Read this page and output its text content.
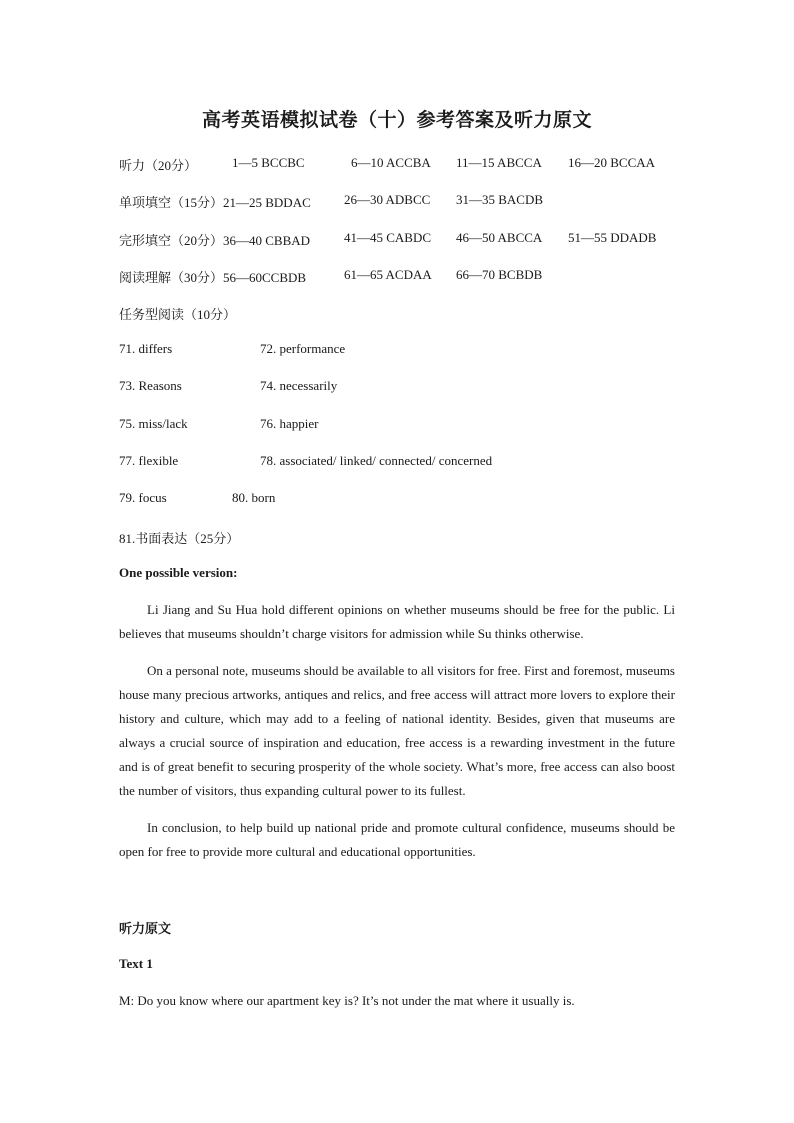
高考英语模拟试卷（十）参考答案及听力原文
听力（20分）	1—5 BCCBC	6—10 ACCBA 11—15 ABCCA 16—20 BCCAA
单项填空（15分）21—25 BDDAC	26—30 ADBCC 31—35 BACDB
完形填空（20分）36—40 CBBAD	41—45 CABDC 46—50 ABCCA 51—55 DDADB
阅读理解（30分）56—60CCBDB	61—65 ACDAA 66—70 BCBDB
任务型阅读（10分）
71. differs	72. performance
73. Reasons	74. necessarily
75. miss/lack	76. happier
77. flexible	78. associated/ linked/ connected/ concerned
79. focus	80. born
81.书面表达（25分）
One possible version:

Li Jiang and Su Hua hold different opinions on whether museums should be free for the public. Li believes that museums shouldn’t charge visitors for admission while Su thinks otherwise.

On a personal note, museums should be available to all visitors for free. First and foremost, museums house many precious artworks, antiques and relics, and free access will attract more lovers to explore their history and culture, which may add to a feeling of national identity. Besides, given that museums are always a crucial source of inspiration and education, free access is a rewarding investment in the future and is of great benefit to securing prosperity of the whole society. What’s more, free access can also boost the number of visitors, thus expanding cultural power to its fullest.

In conclusion, to help build up national pride and promote cultural confidence, museums should be open for free to provide more cultural and educational opportunities.

听力原文
Text 1
M: Do you know where our apartment key is? It’s not under the mat where it usually is.
